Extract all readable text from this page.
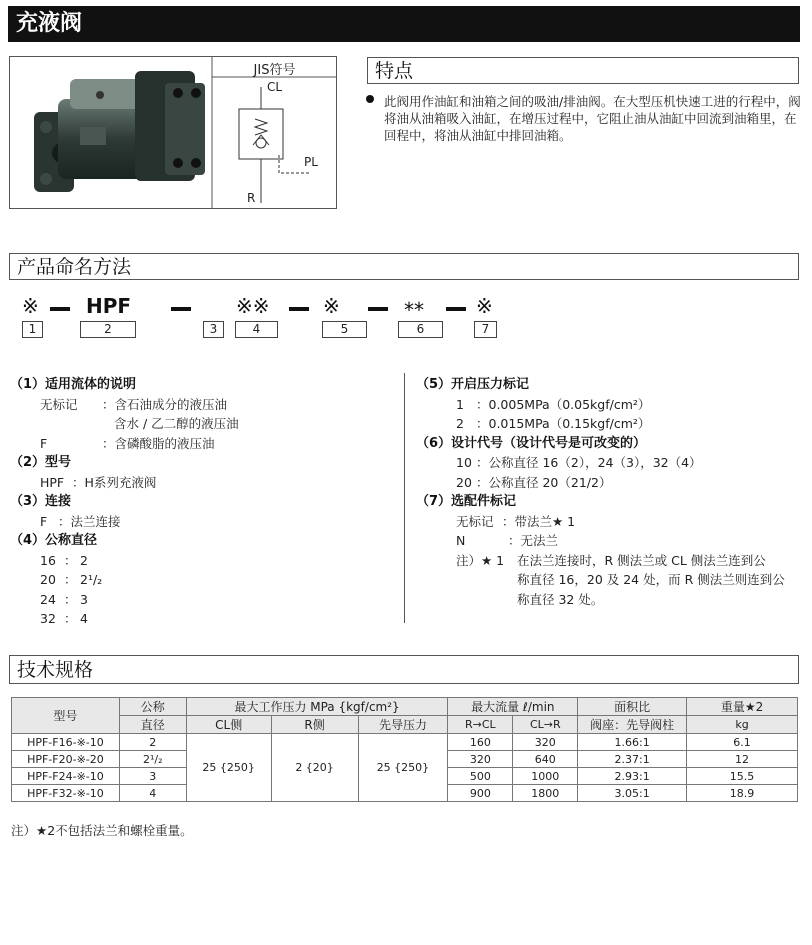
充液阀
JIS符号
CL
PL
R
特点
此阀用作油缸和油箱之间的吸油/排油阀。在大型压机快速工进的行程中，阀将油从油箱吸入油缸，在增压过程中，它阻止油从油缸中回流到油箱里，在回程中，将油从油缸中排回油箱。
产品命名方法
※ HPF	※※	※	**	※
1	2	3	4	5	6	7
（1）适用流体的说明
无标记 ：含石油成分的液压油
含水 / 乙二醇的液压油
F	：含磷酸脂的液压油
（2）型号
HPF ：H系列充液阀
（3）连接
F ：法兰连接
（4）公称直径
16 ： 2
20 ： 2¹/₂
24 ： 3
32 ： 4
（5）开启压力标记
1 ：0.005MPa（0.05kgf/cm²）
2 ：0.015MPa（0.15kgf/cm²）
（6）设计代号（设计代号是可改变的）
10 ：公称直径 16（2），24（3），32（4）
20 ：公称直径 20（21/2）
（7）选配件标记
无标记 ：带法兰★ 1
N	：无法兰
注）★ 1 在法兰连接时，R 侧法兰或 CL 侧法兰连到公
称直径 16，20 及 24 处，而 R 侧法兰则连到公
称直径 32 处。
技术规格
型号	公称	最大工作压力 MPa {kgf/cm²}			最大流量 ℓ/min		面积比	重量★2
	直径	CL侧	R侧	先导压力	R→CL	CL→R	阀座：先导阀柱	kg
HPF-F16-※-10	2	25 {250}	2 {20}	25 {250}	160	320	1.66:1	6.1
HPF-F20-※-20	2¹/₂				320	640	2.37:1	12
HPF-F24-※-10	3				500	1000	2.93:1	15.5
HPF-F32-※-10	4				900	1800	3.05:1	18.9
注）★2不包括法兰和螺栓重量。
